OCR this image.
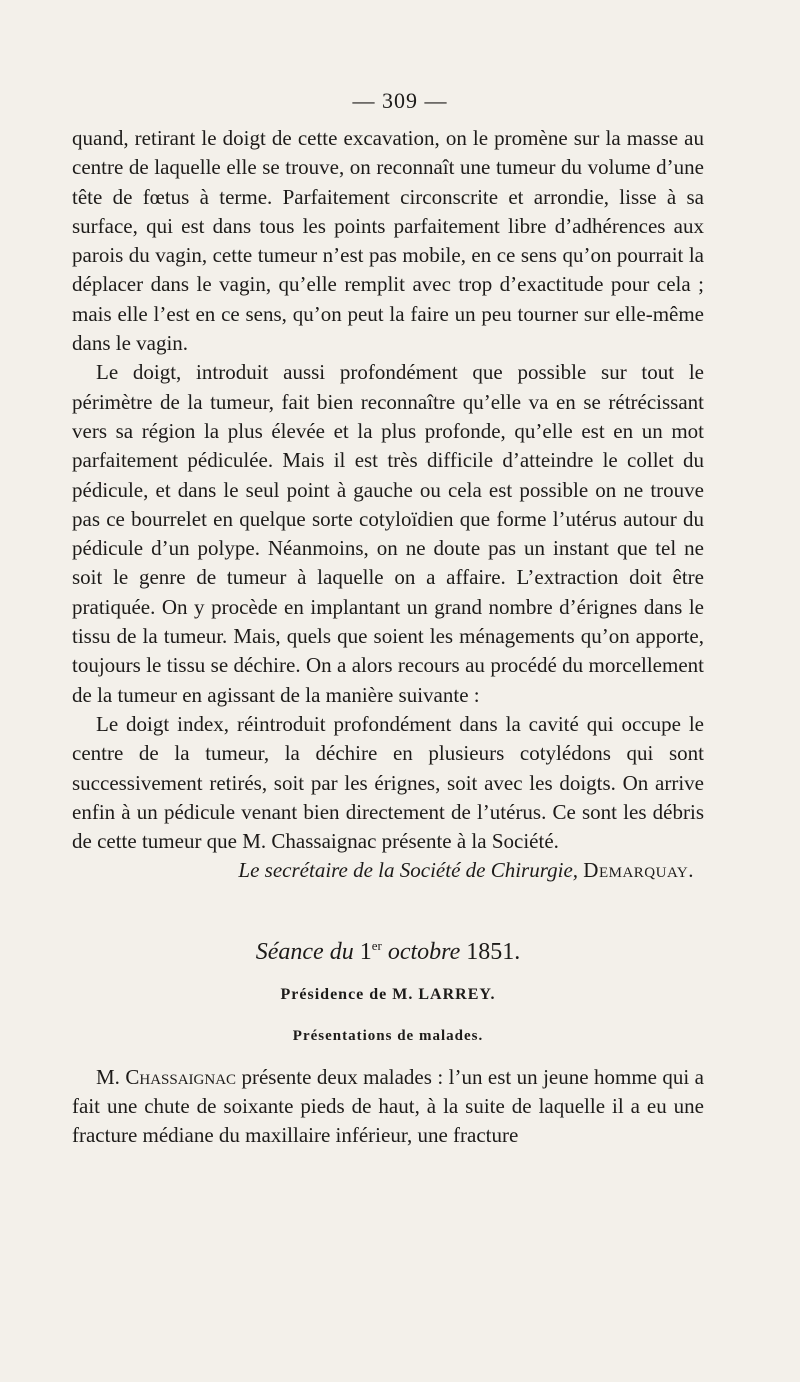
— 309 —

quand, retirant le doigt de cette excavation, on le promène sur la masse au centre de laquelle elle se trouve, on reconnaît une tumeur du volume d’une tête de fœtus à terme. Parfaitement circonscrite et arrondie, lisse à sa surface, qui est dans tous les points parfaitement libre d’adhérences aux parois du vagin, cette tumeur n’est pas mobile, en ce sens qu’on pourrait la déplacer dans le vagin, qu’elle remplit avec trop d’exactitude pour cela ; mais elle l’est en ce sens, qu’on peut la faire un peu tourner sur elle-même dans le vagin.

Le doigt, introduit aussi profondément que possible sur tout le périmètre de la tumeur, fait bien reconnaître qu’elle va en se rétrécissant vers sa région la plus élevée et la plus profonde, qu’elle est en un mot parfaitement pédiculée. Mais il est très difficile d’atteindre le collet du pédicule, et dans le seul point à gauche ou cela est possible on ne trouve pas ce bourrelet en quelque sorte cotyloïdien que forme l’utérus autour du pédicule d’un polype. Néanmoins, on ne doute pas un instant que tel ne soit le genre de tumeur à laquelle on a affaire. L’extraction doit être pratiquée. On y procède en implantant un grand nombre d’érignes dans le tissu de la tumeur. Mais, quels que soient les ménagements qu’on apporte, toujours le tissu se déchire. On a alors recours au procédé du morcellement de la tumeur en agissant de la manière suivante :

Le doigt index, réintroduit profondément dans la cavité qui occupe le centre de la tumeur, la déchire en plusieurs cotylédons qui sont successivement retirés, soit par les érignes, soit avec les doigts. On arrive enfin à un pédicule venant bien directement de l’utérus. Ce sont les débris de cette tumeur que M. Chassaignac présente à la Société.

Le secrétaire de la Société de Chirurgie, Demarquay.

Séance du 1er octobre 1851.
Présidence de M. LARREY.
Présentations de malades.

M. Chassaignac présente deux malades : l’un est un jeune homme qui a fait une chute de soixante pieds de haut, à la suite de laquelle il a eu une fracture médiane du maxillaire inférieur, une fracture
